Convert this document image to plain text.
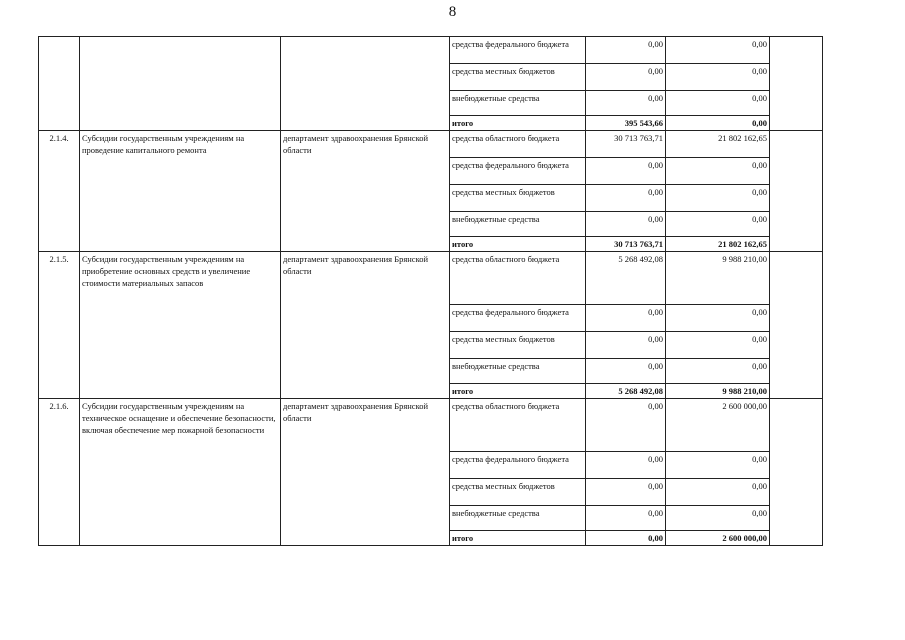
8
			средства федерального бюджета	0,00	0,00	
			средства местных бюджетов	0,00	0,00	
			внебюджетные средства	0,00	0,00	
			итого	395 543,66	0,00	
2.1.4.	Субсидии государственным учреждениям на проведение капитального ремонта	департамент здравоохранения Брянской области	средства областного бюджета	30 713 763,71	21 802 162,65	
			средства федерального бюджета	0,00	0,00	
			средства местных бюджетов	0,00	0,00	
			внебюджетные средства	0,00	0,00	
			итого	30 713 763,71	21 802 162,65	
2.1.5.	Субсидии государственным учреждениям на приобретение основных средств и увеличение стоимости материальных запасов	департамент здравоохранения Брянской области	средства областного бюджета	5 268 492,08	9 988 210,00	
			средства федерального бюджета	0,00	0,00	
			средства местных бюджетов	0,00	0,00	
			внебюджетные средства	0,00	0,00	
			итого	5 268 492,08	9 988 210,00	
2.1.6.	Субсидии государственным учреждениям на техническое оснащение и обеспечение безопасности, включая обеспечение мер пожарной безопасности	департамент здравоохранения Брянской области	средства областного бюджета	0,00	2 600 000,00	
			средства федерального бюджета	0,00	0,00	
			средства местных бюджетов	0,00	0,00	
			внебюджетные средства	0,00	0,00	
			итого	0,00	2 600 000,00	
